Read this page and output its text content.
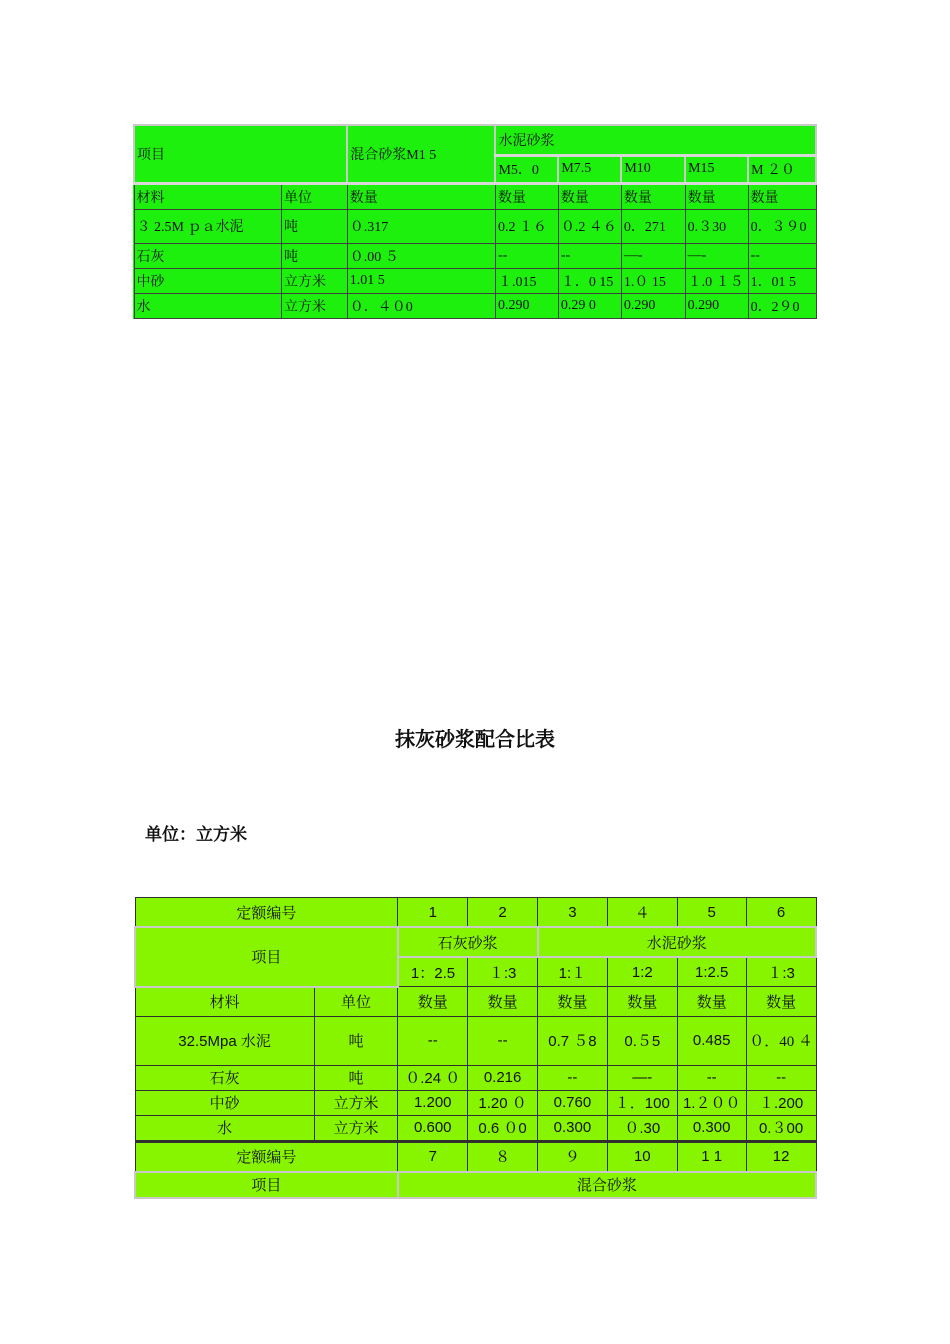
项目		混合砂浆M1 5	水泥砂浆				
			M5．0	M7.5	M10	M15	M ２０
材料	单位	数量	数量	数量	数量	数量	数量
３ 2.5M ｐａ水泥	吨	０.317	0.2 １６	０.2 ４６	0．271	0.３30	0．３９0
石灰	吨	０.00 ５	--	--	—-	—-	--
中砂	立方米	1.01 5	１.015	１．0 15	1.０ 15	１.0 １５	1．01 5
水	立方米	０．４０0	0.290	0.29 0	0.290	0.290	0．2９0
抹灰砂浆配合比表
单位：立方米
定额编号		1	2	3	４	5	6
项目		石灰砂浆		水泥砂浆			
		1：2.5	１:3	1:１	1:2	1:2.5	１:3
材料	单位	数量	数量	数量	数量	数量	数量
32.5Mpa 水泥	吨	--	--	0.7 ５8	0.５5	0.485	０．40 ４
石灰	吨	０.24 ０	0.216	--	—-	--	--
中砂	立方米	1.200	1.20 ０	0.760	１．100	1.２００	１.200
水	立方米	0.600	0.6 ０0	0.300	０.30	0.300	0.３00
定额编号		7	８	９	10	1 1	12
项目		混合砂浆					
